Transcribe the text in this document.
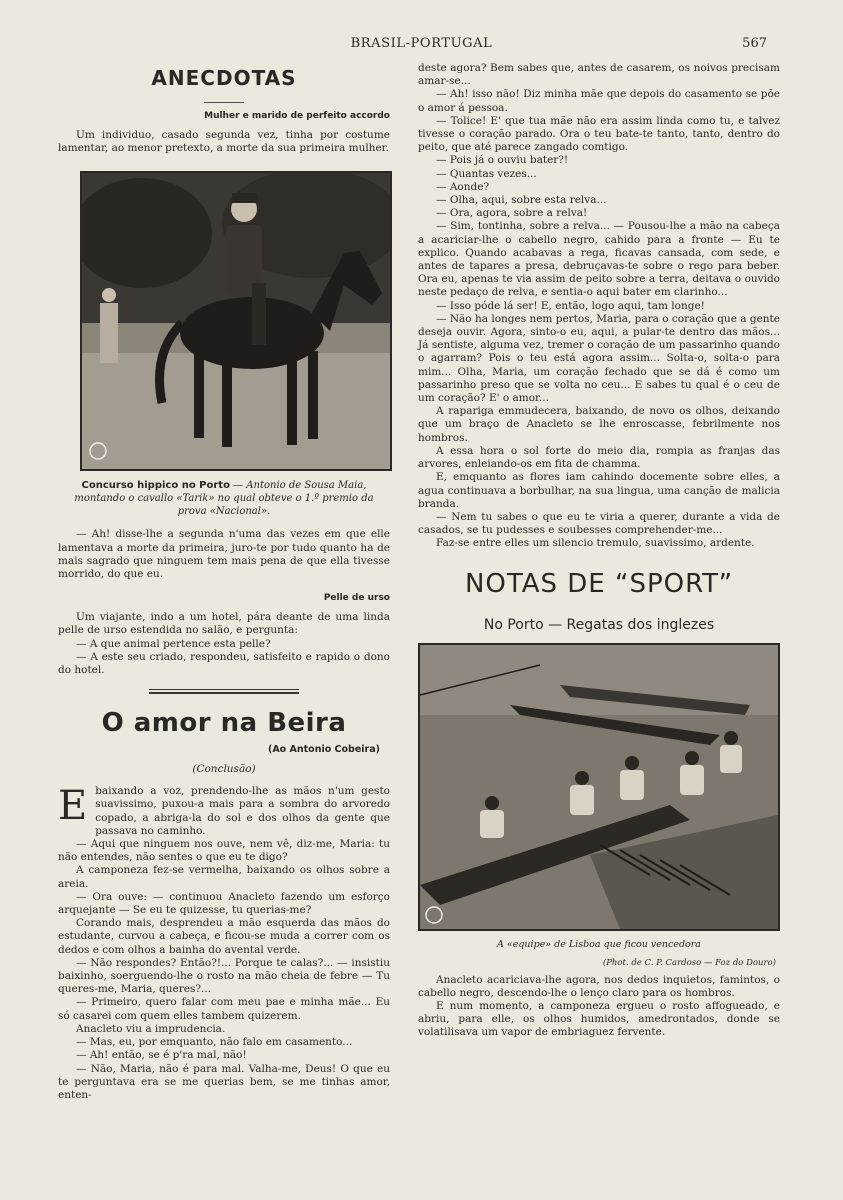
BRASIL-PORTUGAL	567
ANECDOTAS
Mulher e marido de perfeito accordo

Um individuo, casado segunda vez, tinha por costume lamentar, ao menor pretexto, a morte da sua primeira mulher.

Concurso hippico no Porto — Antonio de Sousa Maia, montando o cavallo «Tarik» no qual obteve o 1.º premio da prova «Nacional».

— Ah! disse-lhe a segunda n'uma das vezes em que elle lamentava a morte da primeira, juro-te por tudo quanto ha de mais sagrado que ninguem tem mais pena de que ella tivesse morrido, do que eu.

Pelle de urso

Um viajante, indo a um hotel, pára deante de uma linda pelle de urso estendida no salão, e pergunta:

— A que animal pertence esta pelle?

— A este seu criado, respondeu, satisfeito e rapido o dono do hotel.

O amor na Beira
(Ao Antonio Cobeira)
(Conclusão)

Ebaixando a voz, prendendo-lhe as mãos n'um gesto suavissimo, puxou-a mais para a sombra do arvoredo copado, a abriga-la do sol e dos olhos da gente que passava no caminho.

— Aqui que ninguem nos ouve, nem vê, diz-me, Maria: tu não entendes, não sentes o que eu te digo?

A camponeza fez-se vermelha, baixando os olhos sobre a areia.

— Ora ouve: — continuou Anacleto fazendo um esforço arquejante — Se eu te quizesse, tu querias-me?

Corando mais, desprendeu a mão esquerda das mãos do estudante, curvou a cabeça, e ficou-se muda a correr com os dedos e com olhos a bainha do avental verde.

— Não respondes? Então?!... Porque te calas?... — insistiu baixinho, soerguendo-lhe o rosto na mão cheia de febre — Tu queres-me, Maria, queres?...

— Primeiro, quero falar com meu pae e minha mãe... Eu só casarei com quem elles tambem quizerem.

Anacleto viu a imprudencia.

— Mas, eu, por emquanto, não falo em casamento...

— Ah! então, se é p'ra mal, não!

— Não, Maria, não é para mal. Valha-me, Deus! O que eu te perguntava era se me querias bem, se me tinhas amor, enten-

deste agora? Bem sabes que, antes de casarem, os noivos precisam amar-se...

— Ah! isso não! Diz minha mãe que depois do casamento se põe o amor á pessoa.

— Tolice! E' que tua mãe não era assim linda como tu, e talvez tivesse o coração parado. Ora o teu bate-te tanto, tanto, dentro do peito, que até parece zangado comtigo.

— Pois já o ouviu bater?!

— Quantas vezes...

— Aonde?

— Olha, aqui, sobre esta relva...

— Ora, agora, sobre a relva!

— Sim, tontinha, sobre a relva... — Pousou-lhe a mão na cabeça a acariciar-lhe o cabello negro, cahido para a fronte — Eu te explico. Quando acabavas a rega, ficavas cansada, com sede, e antes de tapares a presa, debruçavas-te sobre o rego para beber. Ora eu, apenas te via assim de peito sobre a terra, deitava o ouvido neste pedaço de relva, e sentia-o aqui bater em clarinho...

— Isso póde lá ser! E, então, logo aqui, tam longe!

— Não ha longes nem pertos, Maria, para o coração que a gente deseja ouvir. Agora, sinto-o eu, aqui, a pular-te dentro das mãos... Já sentiste, alguma vez, tremer o coração de um passarinho quando o agarram? Pois o teu está agora assim... Solta-o, solta-o para mim... Olha, Maria, um coração fechado que se dá é como um passarinho preso que se volta no ceu... E sabes tu qual é o ceu de um coração? E' o amor...

A rapariga emmudecera, baixando, de novo os olhos, deixando que um braço de Anacleto se lhe enroscasse, febrilmente nos hombros.

A essa hora o sol forte do meio dia, rompia as franjas das arvores, enleiando-os em fita de chamma.

E, emquanto as flores iam cahindo docemente sobre elles, a agua continuava a borbulhar, na sua lingua, uma canção de malicia branda.

— Nem tu sabes o que eu te viria a querer, durante a vida de casados, se tu pudesses e soubesses comprehender-me...

Faz-se entre elles um silencio tremulo, suavissimo, ardente.

NOTAS DE “SPORT”
No Porto — Regatas dos inglezes
A «equipe» de Lisboa que ficou vencedora
(Phot. de C. P. Cardoso — Foz do Douro)

Anacleto acariciava-lhe agora, nos dedos inquietos, famintos, o cabello negro, descendo-lhe o lenço claro para os hombros.

E num momento, a camponeza ergueu o rosto affogueado, e abriu, para elle, os olhos humidos, amedrontados, donde se volatilisava um vapor de embriaguez fervente.
